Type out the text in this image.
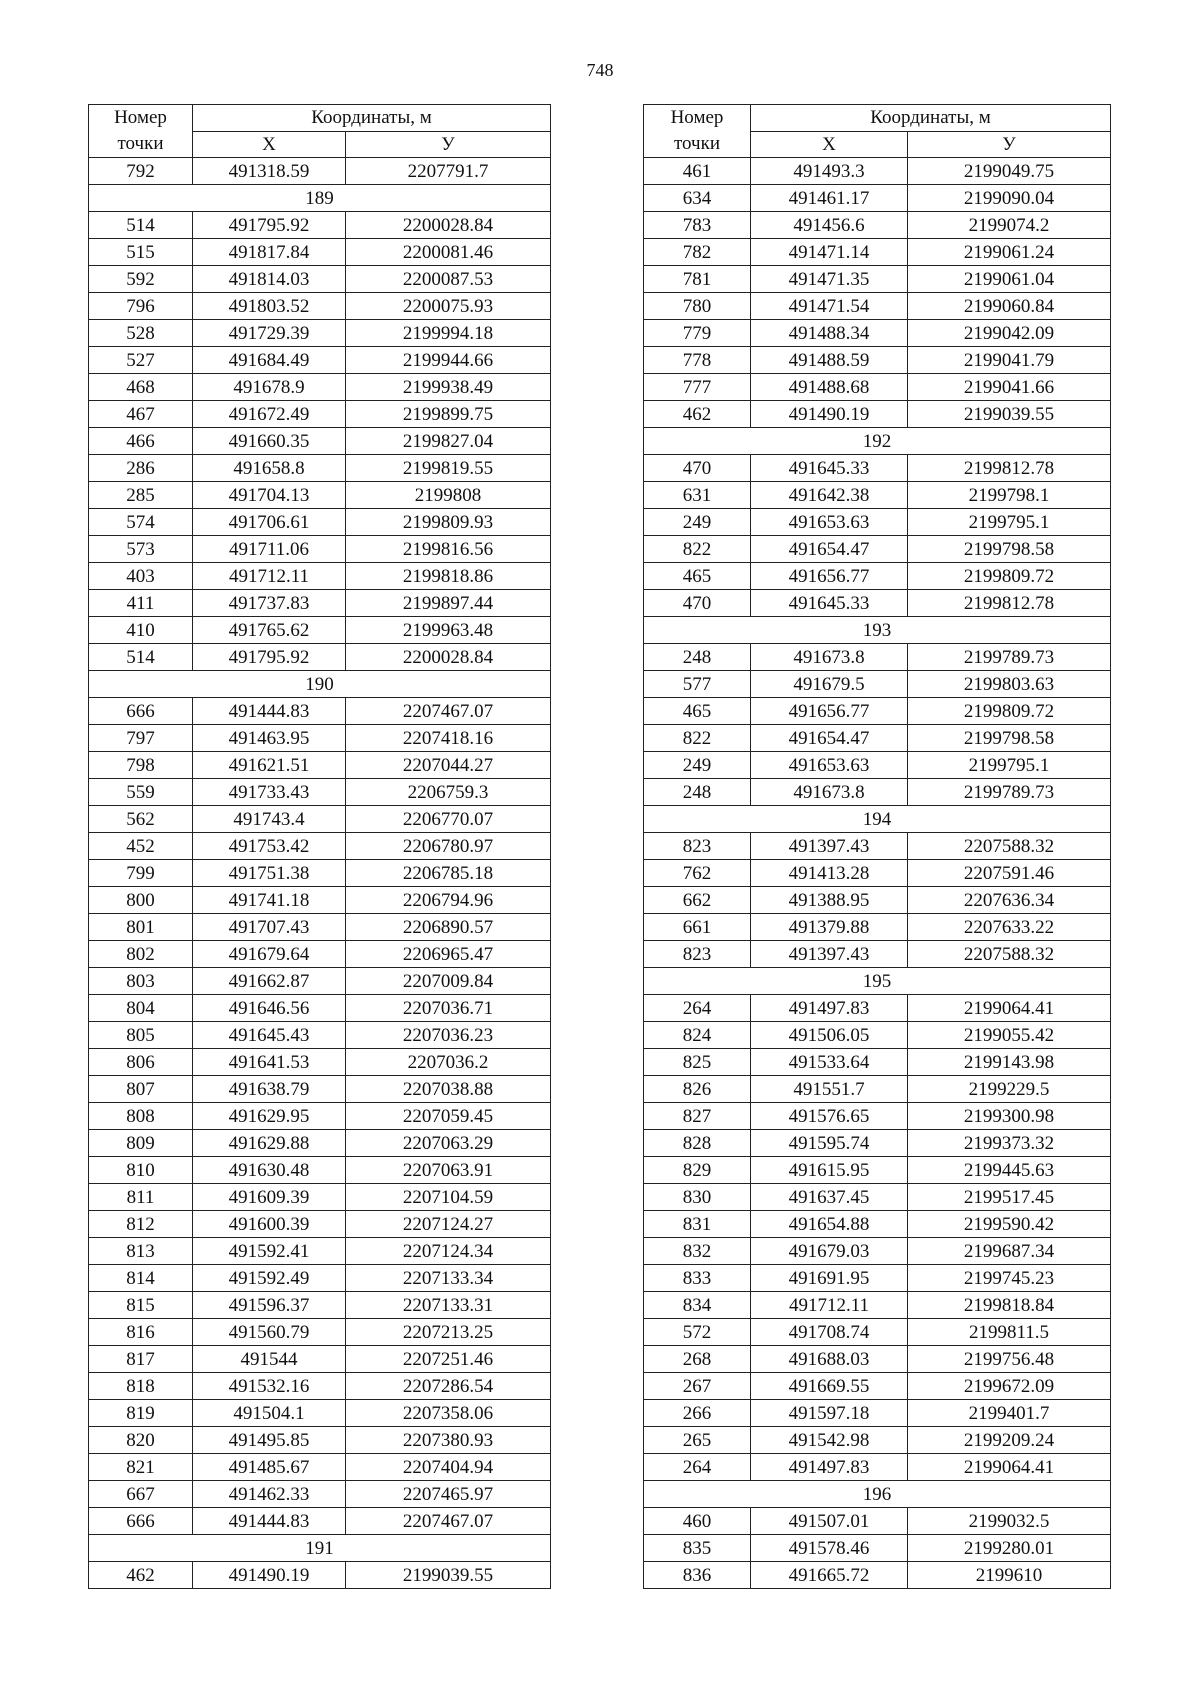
748
Номер
точки	Координаты, м	
	X	У
792	491318.59	2207791.7
189		
514	491795.92	2200028.84
515	491817.84	2200081.46
592	491814.03	2200087.53
796	491803.52	2200075.93
528	491729.39	2199994.18
527	491684.49	2199944.66
468	491678.9	2199938.49
467	491672.49	2199899.75
466	491660.35	2199827.04
286	491658.8	2199819.55
285	491704.13	2199808
574	491706.61	2199809.93
573	491711.06	2199816.56
403	491712.11	2199818.86
411	491737.83	2199897.44
410	491765.62	2199963.48
514	491795.92	2200028.84
190		
666	491444.83	2207467.07
797	491463.95	2207418.16
798	491621.51	2207044.27
559	491733.43	2206759.3
562	491743.4	2206770.07
452	491753.42	2206780.97
799	491751.38	2206785.18
800	491741.18	2206794.96
801	491707.43	2206890.57
802	491679.64	2206965.47
803	491662.87	2207009.84
804	491646.56	2207036.71
805	491645.43	2207036.23
806	491641.53	2207036.2
807	491638.79	2207038.88
808	491629.95	2207059.45
809	491629.88	2207063.29
810	491630.48	2207063.91
811	491609.39	2207104.59
812	491600.39	2207124.27
813	491592.41	2207124.34
814	491592.49	2207133.34
815	491596.37	2207133.31
816	491560.79	2207213.25
817	491544	2207251.46
818	491532.16	2207286.54
819	491504.1	2207358.06
820	491495.85	2207380.93
821	491485.67	2207404.94
667	491462.33	2207465.97
666	491444.83	2207467.07
191		
462	491490.19	2199039.55
Номер
точки	Координаты, м	
	X	У
461	491493.3	2199049.75
634	491461.17	2199090.04
783	491456.6	2199074.2
782	491471.14	2199061.24
781	491471.35	2199061.04
780	491471.54	2199060.84
779	491488.34	2199042.09
778	491488.59	2199041.79
777	491488.68	2199041.66
462	491490.19	2199039.55
192		
470	491645.33	2199812.78
631	491642.38	2199798.1
249	491653.63	2199795.1
822	491654.47	2199798.58
465	491656.77	2199809.72
470	491645.33	2199812.78
193		
248	491673.8	2199789.73
577	491679.5	2199803.63
465	491656.77	2199809.72
822	491654.47	2199798.58
249	491653.63	2199795.1
248	491673.8	2199789.73
194		
823	491397.43	2207588.32
762	491413.28	2207591.46
662	491388.95	2207636.34
661	491379.88	2207633.22
823	491397.43	2207588.32
195		
264	491497.83	2199064.41
824	491506.05	2199055.42
825	491533.64	2199143.98
826	491551.7	2199229.5
827	491576.65	2199300.98
828	491595.74	2199373.32
829	491615.95	2199445.63
830	491637.45	2199517.45
831	491654.88	2199590.42
832	491679.03	2199687.34
833	491691.95	2199745.23
834	491712.11	2199818.84
572	491708.74	2199811.5
268	491688.03	2199756.48
267	491669.55	2199672.09
266	491597.18	2199401.7
265	491542.98	2199209.24
264	491497.83	2199064.41
196		
460	491507.01	2199032.5
835	491578.46	2199280.01
836	491665.72	2199610
